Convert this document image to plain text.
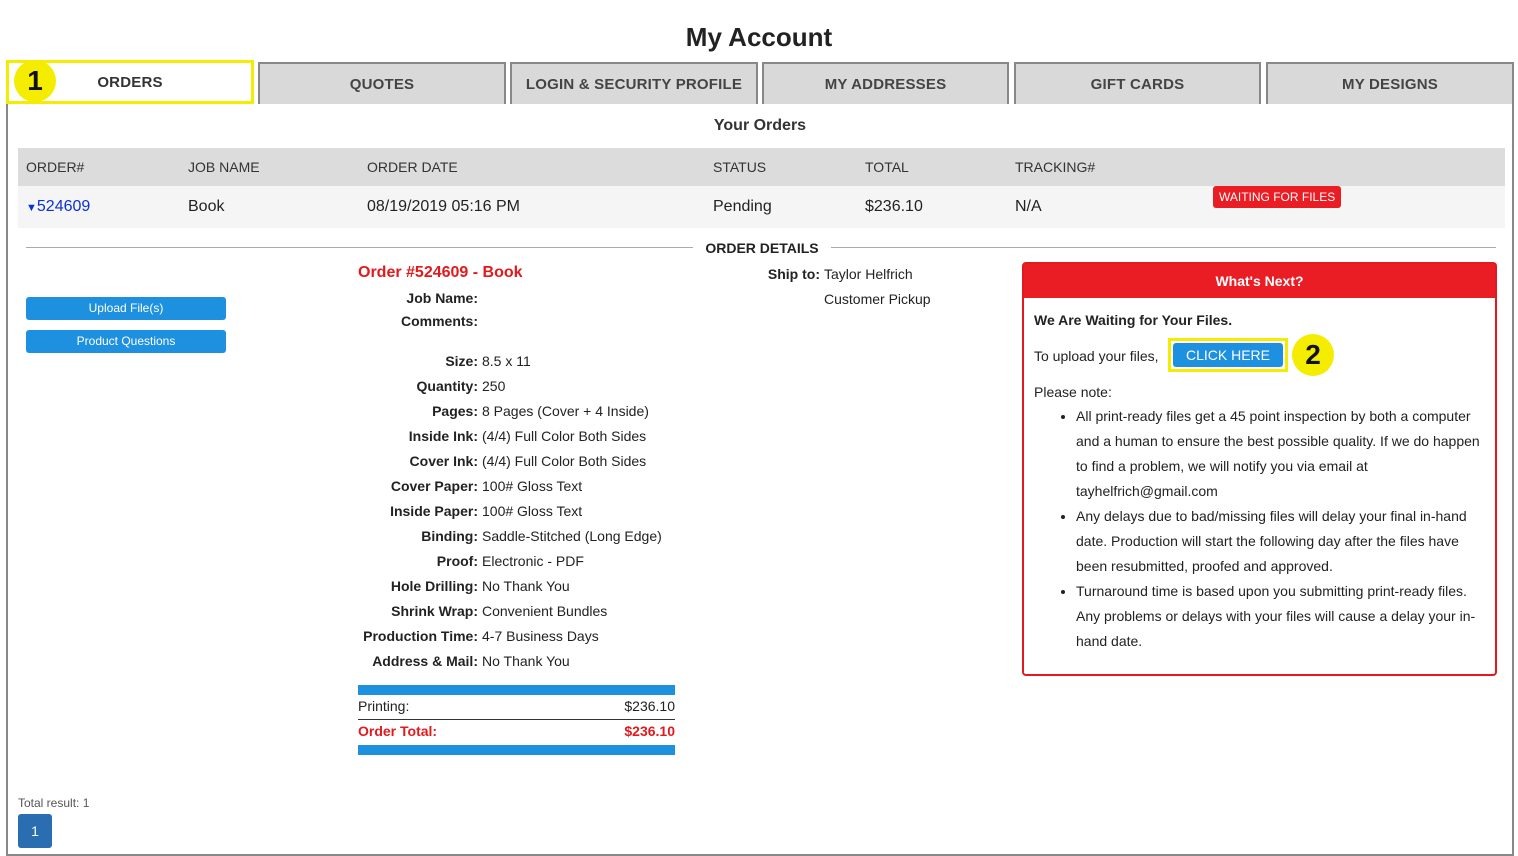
My Account
ORDERS	QUOTES	LOGIN & SECURITY PROFILE	MY ADDRESSES	GIFT CARDS	MY DESIGNS
1
Your Orders
ORDER#	JOB NAME	ORDER DATE	STATUS	TOTAL	TRACKING#
▼524609	Book	08/19/2019 05:16 PM	Pending	$236.10	N/A
WAITING FOR FILES
ORDER DETAILS
Upload File(s)
Product Questions
Order #524609 - Book
Job Name:
Comments:
Size: 8.5 x 11
Quantity: 250
Pages: 8 Pages (Cover + 4 Inside)
Inside Ink: (4/4) Full Color Both Sides
Cover Ink: (4/4) Full Color Both Sides
Cover Paper: 100# Gloss Text
Inside Paper: 100# Gloss Text
Binding: Saddle-Stitched (Long Edge)
Proof: Electronic - PDF
Hole Drilling: No Thank You
Shrink Wrap: Convenient Bundles
Production Time: 4-7 Business Days
Address & Mail: No Thank You
Printing:	$236.10
Order Total:	$236.10
Ship to: Taylor Helfrich
Customer Pickup
What's Next?
We Are Waiting for Your Files.
To upload your files,	CLICK HERE	2
Please note:
• All print-ready files get a 45 point inspection by both a computer and a human to ensure the best possible quality. If we do happen to find a problem, we will notify you via email at tayhelfrich@gmail.com
• Any delays due to bad/missing files will delay your final in-hand date. Production will start the following day after the files have been resubmitted, proofed and approved.
• Turnaround time is based upon you submitting print-ready files. Any problems or delays with your files will cause a delay your in-hand date.
Total result: 1
1
